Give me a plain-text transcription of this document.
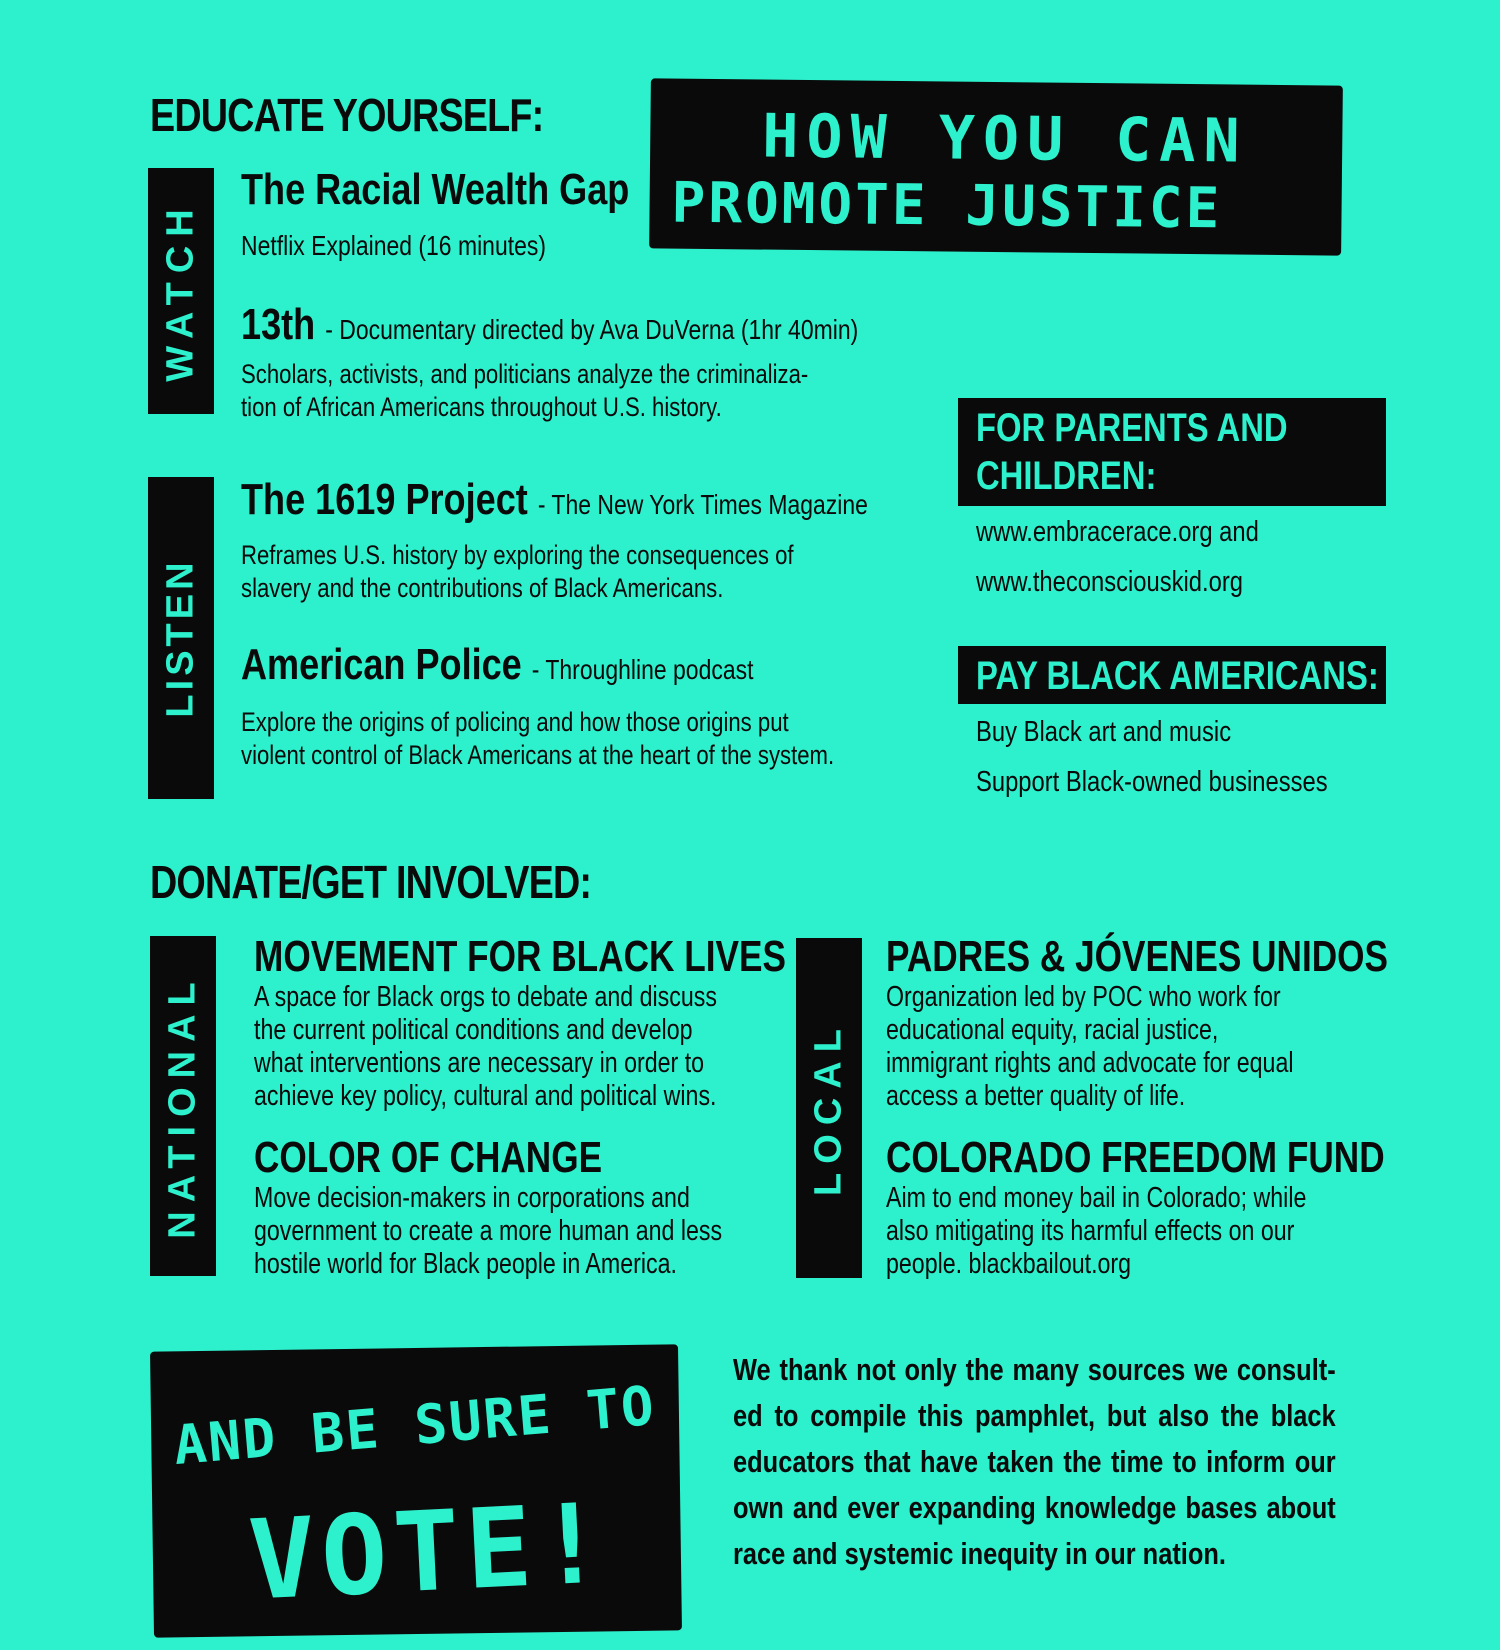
EDUCATE YOURSELF:	HOW YOU CAN
PROMOTE JUSTICE
WATCH
The Racial Wealth Gap
Netflix Explained (16 minutes)
13th - Documentary directed by Ava DuVerna (1hr 40min)
Scholars, activists, and politicians analyze the criminaliza-
tion of African Americans throughout U.S. history.
LISTEN
The 1619 Project - The New York Times Magazine
Reframes U.S. history by exploring the consequences of slavery and the contributions of Black Americans.
American Police - Throughline podcast
Explore the origins of policing and how those origins put violent control of Black Americans at the heart of the system.
FOR PARENTS AND
CHILDREN:
www.embracerace.org and
www.theconsciouskid.org
PAY BLACK AMERICANS:
Buy Black art and music
Support Black-owned businesses
DONATE/GET INVOLVED:
NATIONAL
MOVEMENT FOR BLACK LIVES
A space for Black orgs to debate and discuss the current political conditions and develop what interventions are necessary in order to achieve key policy, cultural and political wins.
COLOR OF CHANGE
Move decision-makers in corporations and government to create a more human and less hostile world for Black people in America.
LOCAL
PADRES & JÓVENES UNIDOS
Organization led by POC who work for educational equity, racial justice, immigrant rights and advocate for equal access a better quality of life.
COLORADO FREEDOM FUND
Aim to end money bail in Colorado; while also mitigating its harmful effects on our people. blackbailout.org
AND BE SURE TO
VOTE!
We thank not only the many sources we consult-ed to compile this pamphlet, but also the black educators that have taken the time to inform our own and ever expanding knowledge bases about race and systemic inequity in our nation.
